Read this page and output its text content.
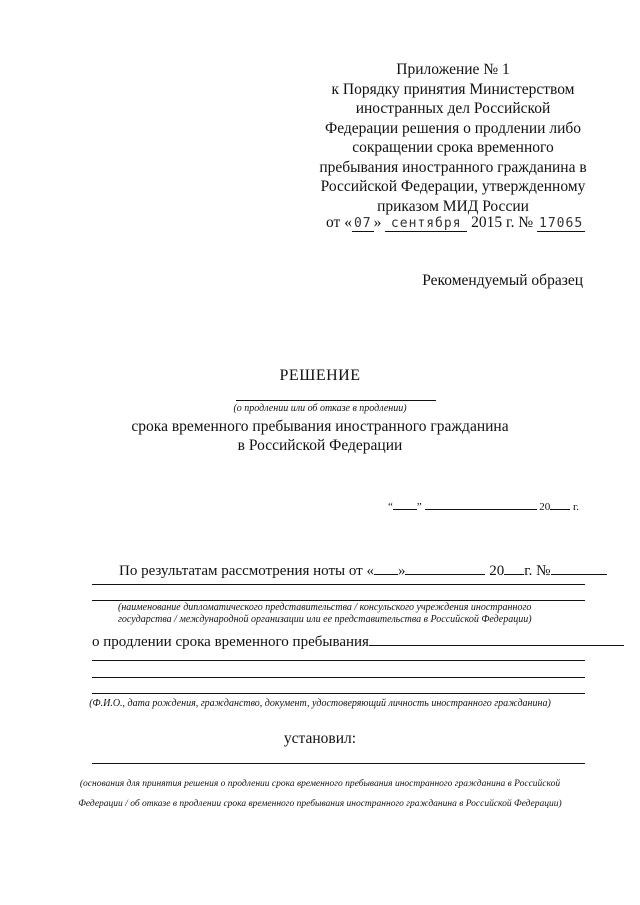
Приложение № 1
к Порядку принятия Министерством
иностранных дел Российской
Федерации решения о продлении либо
сокращении срока временного
пребывания иностранного гражданина в
Российской Федерации, утвержденному
приказом МИД России
от « 07 » сентября 2015 г. № 17065
Рекомендуемый образец
РЕШЕНИЕ
(о продлении или об отказе в продлении)
срока временного пребывания иностранного гражданина
в Российской Федерации
“ ”	20 г.
По результатам рассмотрения ноты от « »	20 г. №
(наименование дипломатического представительства / консульского учреждения иностранного
государства / международной организации или ее представительства в Российской Федерации)
о продлении срока временного пребывания
(Ф.И.О., дата рождения, гражданство, документ, удостоверяющий личность иностранного гражданина)
установил:
(основания для принятия решения о продлении срока временного пребывания иностранного гражданина в Российской
Федерации / об отказе в продлении срока временного пребывания иностранного гражданина в Российской Федерации)
